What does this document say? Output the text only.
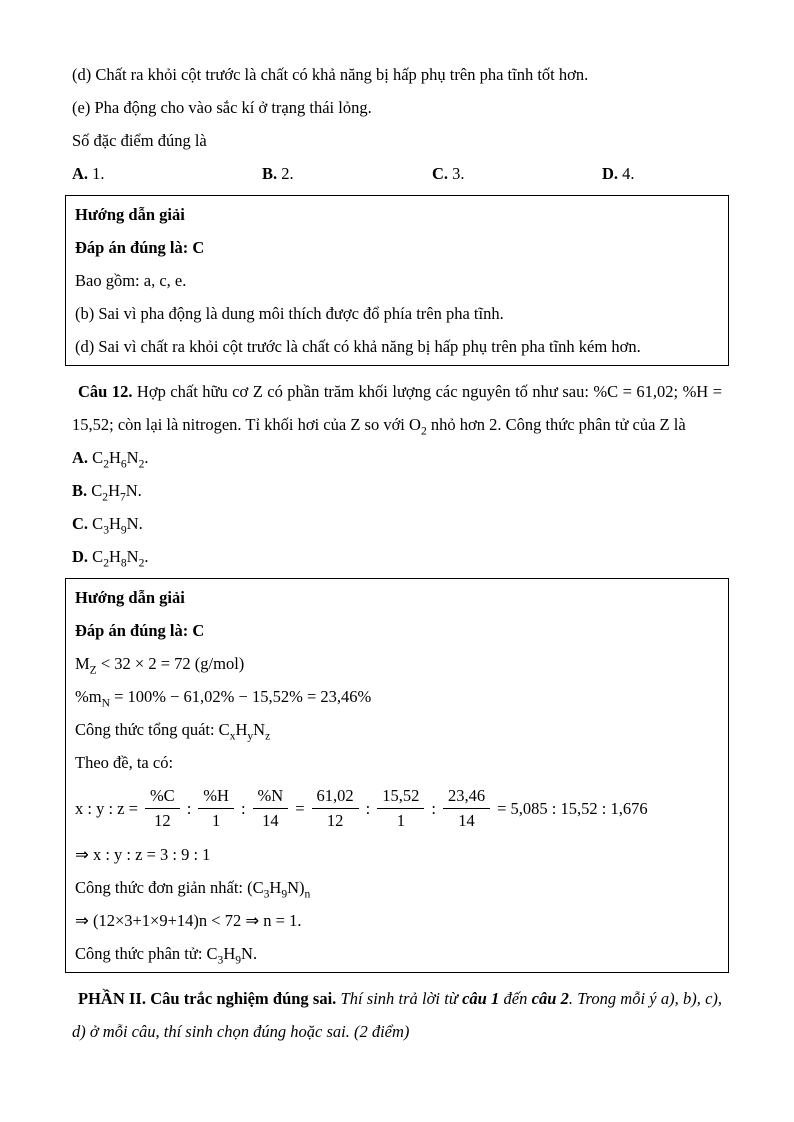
(d) Chất ra khỏi cột trước là chất có khả năng bị hấp phụ trên pha tĩnh tốt hơn.

(e) Pha động cho vào sắc kí ở trạng thái lỏng.

Số đặc điểm đúng là

A. 1.	B. 2.	C. 3.	D. 4.

Hướng dẫn giải

Đáp án đúng là: C

Bao gồm: a, c, e.

(b) Sai vì pha động là dung môi thích được đổ phía trên pha tĩnh.

(d) Sai vì chất ra khỏi cột trước là chất có khả năng bị hấp phụ trên pha tĩnh kém hơn.

Câu 12. Hợp chất hữu cơ Z có phần trăm khối lượng các nguyên tố như sau: %C = 61,02; %H = 15,52; còn lại là nitrogen. Tỉ khối hơi của Z so với $O_2$ nhỏ hơn 2. Công thức phân tử của Z là

A. $C_2H_6N_2$.

B. $C_2H_7N$.

C. $C_3H_9N$.

D. $C_2H_8N_2$.

Hướng dẫn giải

Đáp án đúng là: C

$M_Z < 32 \times 2 = 72$ (g/mol)

$\%m_N = 100\% - 61,02\% - 15,52\% = 23,46\%$

Công thức tổng quát: $C_xH_yN_z$

Theo đề, ta có:

x : y : $z = \frac{\%C}{12}$ : $\frac{\%H}{1}$ : $\frac{\%N}{14} = \frac{61,02}{12}$ : $\frac{15,52}{1}$ : $\frac{23,46}{14} = 5,085$ : 15,52 : 1,676

⇒ x : y : z = 3 : 9 : 1

Công thức đơn giản nhất: $(C_3H_9N)_n$

⇒ (12×3+1×9+14)n < 72 ⇒ n = 1.

Công thức phân tử: $C_3H_9N$.

PHẦN II. Câu trắc nghiệm đúng sai. Thí sinh trả lời từ câu 1 đến câu 2. Trong mỗi ý a), b), c), d) ở mỗi câu, thí sinh chọn đúng hoặc sai. (2 điểm)
